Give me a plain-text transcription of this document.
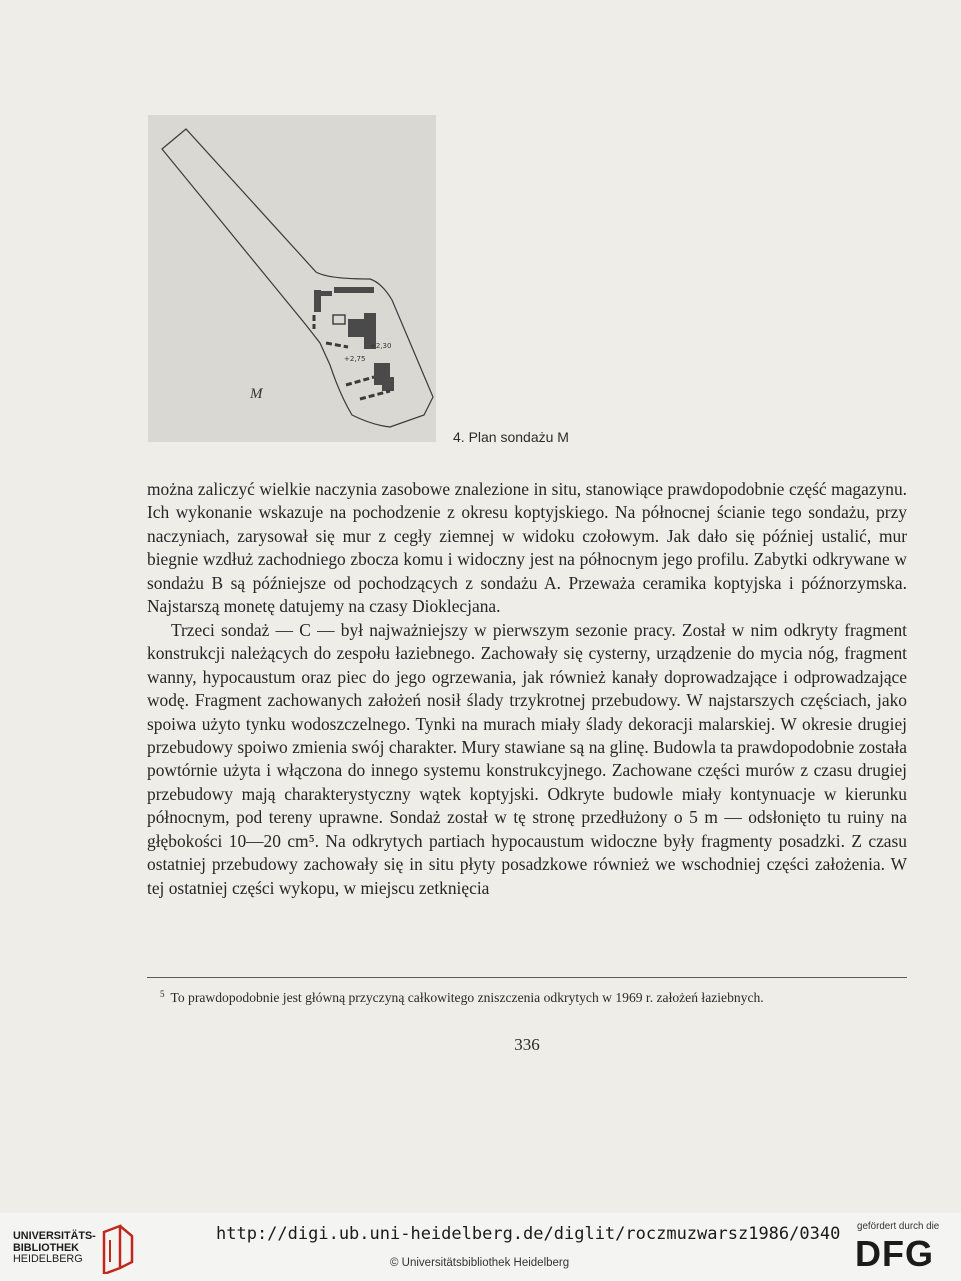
+2,30
+2,75
M
4. Plan sondażu M

można zaliczyć wielkie naczynia zasobowe znalezione in situ, stanowiące prawdopodobnie część magazynu. Ich wykonanie wskazuje na pochodzenie z okresu koptyjskiego. Na północnej ścianie tego sondażu, przy naczyniach, zarysował się mur z cegły ziemnej w widoku czołowym. Jak dało się później ustalić, mur biegnie wzdłuż zachodniego zbocza komu i widoczny jest na północnym jego profilu. Zabytki odkrywane w sondażu B są późniejsze od pochodzących z sondażu A. Przeważa ceramika koptyjska i późnorzymska. Najstarszą monetę datujemy na czasy Dioklecjana.

Trzeci sondaż — C — był najważniejszy w pierwszym sezonie pracy. Został w nim odkryty fragment konstrukcji należących do zespołu łaziebnego. Zachowały się cysterny, urządzenie do mycia nóg, fragment wanny, hypocaustum oraz piec do jego ogrzewania, jak również kanały doprowadzające i odprowadzające wodę. Fragment zachowanych założeń nosił ślady trzykrotnej przebudowy. W najstarszych częściach, jako spoiwa użyto tynku wodoszczelnego. Tynki na murach miały ślady dekoracji malarskiej. W okresie drugiej przebudowy spoiwo zmienia swój charakter. Mury stawiane są na glinę. Budowla ta prawdopodobnie została powtórnie użyta i włączona do innego systemu konstrukcyjnego. Zachowane części murów z czasu drugiej przebudowy mają charakterystyczny wątek koptyjski. Odkryte budowle miały kontynuacje w kierunku północnym, pod tereny uprawne. Sondaż został w tę stronę przedłużony o 5 m — odsłonięto tu ruiny na głębokości 10—20 cm⁵. Na odkrytych partiach hypocaustum widoczne były fragmenty posadzki. Z czasu ostatniej przebudowy zachowały się in situ płyty posadzkowe również we wschodniej części założenia. W tej ostatniej części wykopu, w miejscu zetknięcia

$^5$ To prawdopodobnie jest główną przyczyną całkowitego zniszczenia odkrytych w 1969 r. założeń łaziebnych.
336
UNIVERSITÄTS-
BIBLIOTHEK
HEIDELBERG
http://digi.ub.uni-heidelberg.de/diglit/roczmuzwarsz1986/0340
© Universitätsbibliothek Heidelberg
gefördert durch die
DFG
